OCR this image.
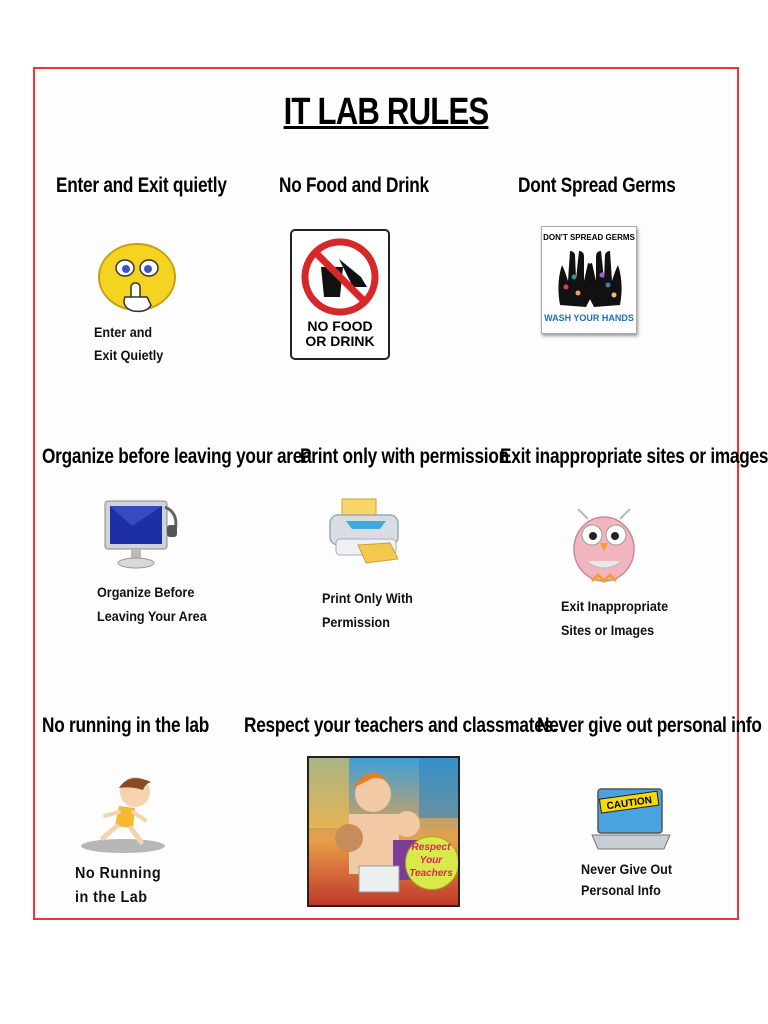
IT LAB RULES
Enter and Exit quietly No Food and Drink	Dont Spread Germs
Enter and
Exit Quietly
NO FOOD
OR DRINK
DON'T SPREAD GERMS
WASH YOUR HANDS
Organize before leaving your area
Print only with permission
Exit inappropriate sites or images
Organize Before
Leaving Your Area
Print Only With
Permission
Exit Inappropriate
Sites or Images
No running in the lab Respect your teachers and classmates.
Never give out personal info
No Running
in the Lab
Respect
Your
Teachers
CAUTION
Never Give Out
Personal Info
